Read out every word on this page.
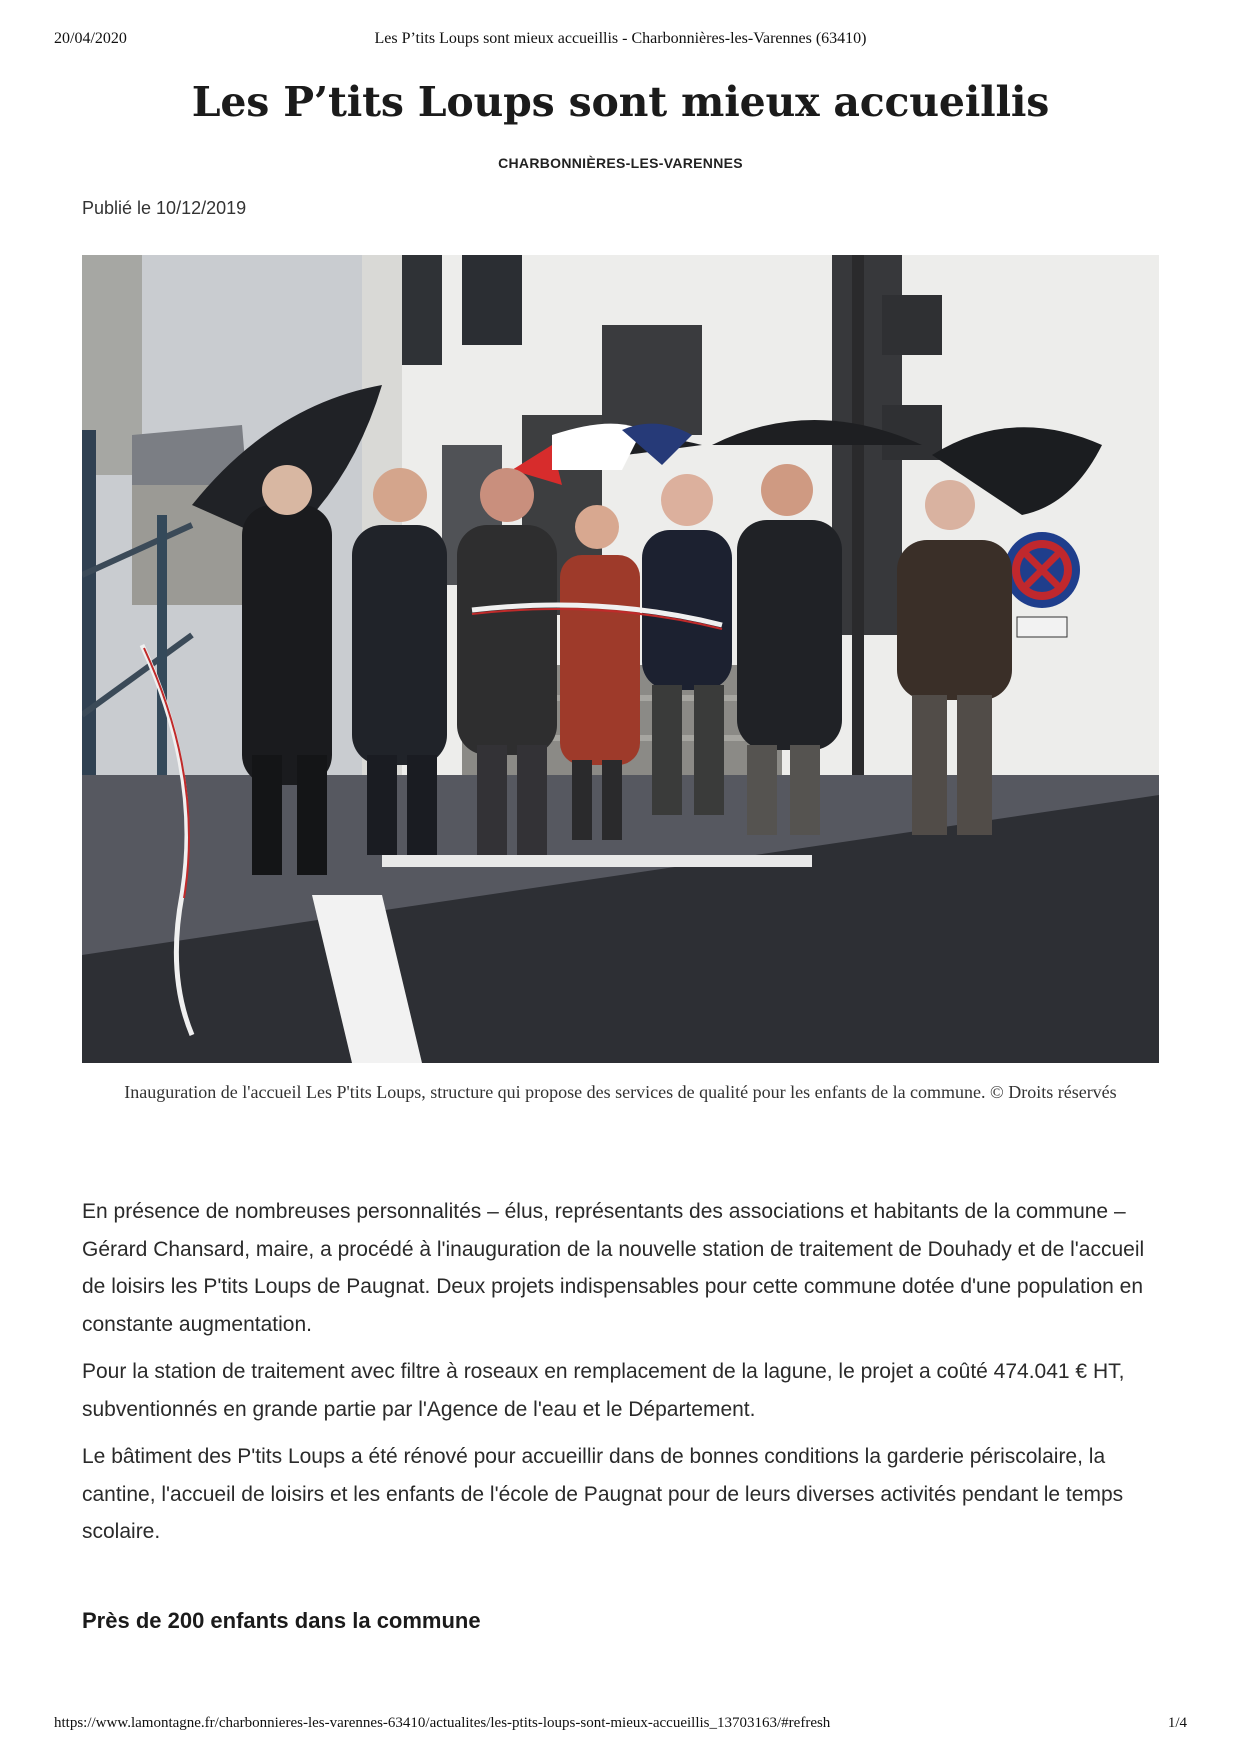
20/04/2020	Les P’tits Loups sont mieux accueillis - Charbonnières-les-Varennes (63410)
Les P’tits Loups sont mieux accueillis
CHARBONNIÈRES-LES-VARENNES
Publié le 10/12/2019
Inauguration de l'accueil Les P'tits Loups, structure qui propose des services de qualité pour les enfants de la commune. © Droits réservés

En présence de nombreuses personnalités – élus, représentants des associations et habitants de la commune – Gérard Chansard, maire, a procédé à l'inauguration de la nouvelle station de traitement de Douhady et de l'accueil de loisirs les P'tits Loups de Paugnat. Deux projets indispensables pour cette commune dotée d'une population en constante augmentation.

Pour la station de traitement avec filtre à roseaux en remplacement de la lagune, le projet a coûté 474.041 € HT, subventionnés en grande partie par l'Agence de l'eau et le Département.

Le bâtiment des P'tits Loups a été rénové pour accueillir dans de bonnes conditions la garderie périscolaire, la cantine, l'accueil de loisirs et les enfants de l'école de Paugnat pour de leurs diverses activités pendant le temps scolaire.

Près de 200 enfants dans la commune
https://www.lamontagne.fr/charbonnieres-les-varennes-63410/actualites/les-ptits-loups-sont-mieux-accueillis_13703163/#refresh	1/4
